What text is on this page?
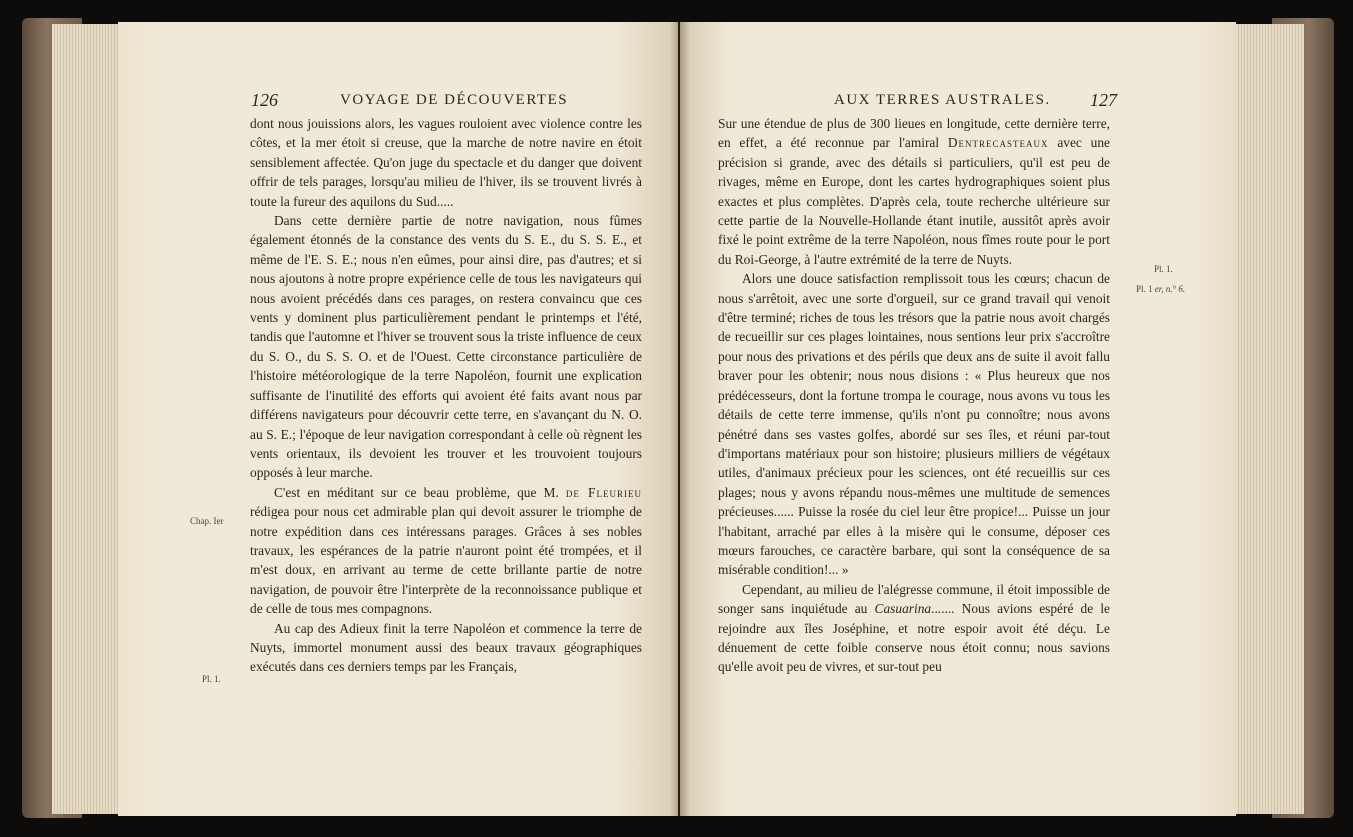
126	VOYAGE DE DÉCOUVERTES
Chap. Ier
Pl. 1.

dont nous jouissions alors, les vagues rouloient avec violence contre les côtes, et la mer étoit si creuse, que la marche de notre navire en étoit sensiblement affectée. Qu'on juge du spectacle et du danger que doivent offrir de tels parages, lorsqu'au milieu de l'hiver, ils se trouvent livrés à toute la fureur des aquilons du Sud.....

Dans cette dernière partie de notre navigation, nous fûmes également étonnés de la constance des vents du S. E., du S. S. E., et même de l'E. S. E.; nous n'en eûmes, pour ainsi dire, pas d'autres; et si nous ajoutons à notre propre expérience celle de tous les navigateurs qui nous avoient précédés dans ces parages, on restera convaincu que ces vents y dominent plus particulièrement pendant le printemps et l'été, tandis que l'automne et l'hiver se trouvent sous la triste influence de ceux du S. O., du S. S. O. et de l'Ouest. Cette circonstance particulière de l'histoire météorologique de la terre Napoléon, fournit une explication suffisante de l'inutilité des efforts qui avoient été faits avant nous par différens navigateurs pour découvrir cette terre, en s'avançant du N. O. au S. E.; l'époque de leur navigation correspondant à celle où règnent les vents orientaux, ils devoient les trouver et les trouvoient toujours opposés à leur marche.

C'est en méditant sur ce beau problème, que M. de Fleurieu rédigea pour nous cet admirable plan qui devoit assurer le triomphe de notre expédition dans ces intéressans parages. Grâces à ses nobles travaux, les espérances de la patrie n'auront point été trompées, et il m'est doux, en arrivant au terme de cette brillante partie de notre navigation, de pouvoir être l'interprète de la reconnoissance publique et de celle de tous mes compagnons.

Au cap des Adieux finit la terre Napoléon et commence la terre de Nuyts, immortel monument aussi des beaux travaux géographiques exécutés dans ces derniers temps par les Français,

AUX TERRES AUSTRALES. 127

Sur une étendue de plus de 300 lieues en longitude, cette dernière terre, en effet, a été reconnue par l'amiral Dentrecasteaux avec une précision si grande, avec des détails si particuliers, qu'il est peu de rivages, même en Europe, dont les cartes hydrographiques soient plus exactes et plus complètes. D'après cela, toute recherche ultérieure sur cette partie de la Nouvelle-Hollande étant inutile, aussitôt après avoir fixé le point extrême de la terre Napoléon, nous fîmes route pour le port du Roi-George, à l'autre extrémité de la terre de Nuyts.

Alors une douce satisfaction remplissoit tous les cœurs; chacun de nous s'arrêtoit, avec une sorte d'orgueil, sur ce grand travail qui venoit d'être terminé; riches de tous les trésors que la patrie nous avoit chargés de recueillir sur ces plages lointaines, nous sentions leur prix s'accroître pour nous des privations et des périls que deux ans de suite il avoit fallu braver pour les obtenir; nous nous disions : « Plus heureux que nos prédécesseurs, dont la fortune trompa le courage, nous avons vu tous les détails de cette terre immense, qu'ils n'ont pu connoître; nous avons pénétré dans ses vastes golfes, abordé sur ses îles, et réuni par-tout d'importans matériaux pour son histoire; plusieurs milliers de végétaux utiles, d'animaux précieux pour les sciences, ont été recueillis sur ces plages; nous y avons répandu nous-mêmes une multitude de semences précieuses...... Puisse la rosée du ciel leur être propice!... Puisse un jour l'habitant, arraché par elles à la misère qui le consume, déposer ces mœurs farouches, ce caractère barbare, qui sont la conséquence de sa misérable condition!... »

Cependant, au milieu de l'alégresse commune, il étoit impossible de songer sans inquiétude au Casuarina....... Nous avions espéré de le rejoindre aux îles Joséphine, et notre espoir avoit été déçu. Le dénuement de cette foible conserve nous étoit connu; nous savions qu'elle avoit peu de vivres, et sur-tout peu

Pl. 1.
Pl. 1 er, n.° 6.
